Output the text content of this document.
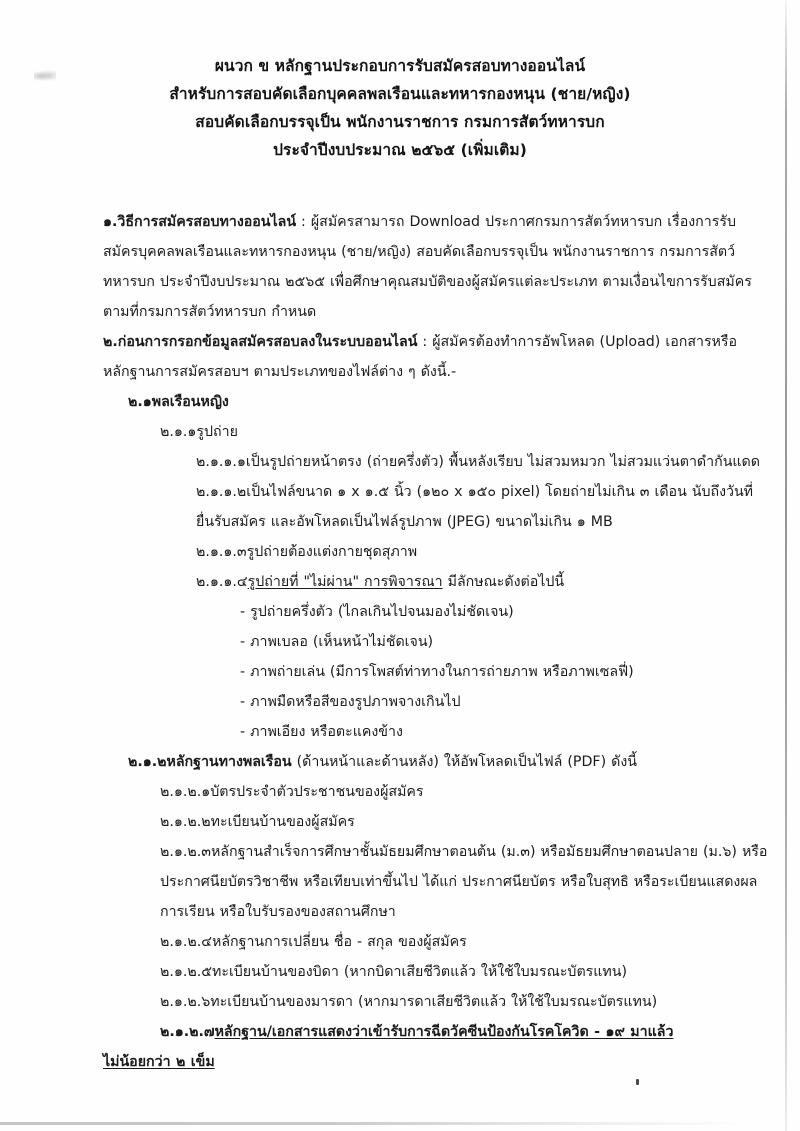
ผนวก ข หลักฐานประกอบการรับสมัครสอบทางออนไลน์
สำหรับการสอบคัดเลือกบุคคลพลเรือนและทหารกองหนุน (ชาย/หญิง)
สอบคัดเลือกบรรจุเป็น พนักงานราชการ กรมการสัตว์ทหารบก
ประจำปีงบประมาณ ๒๕๖๕ (เพิ่มเติม)

๑.วิธีการสมัครสอบทางออนไลน์ : ผู้สมัครสามารถ Download ประกาศกรมการสัตว์ทหารบก เรื่องการรับสมัครบุคคลพลเรือนและทหารกองหนุน (ชาย/หญิง) สอบคัดเลือกบรรจุเป็น พนักงานราชการ กรมการสัตว์ทหารบก ประจำปีงบประมาณ ๒๕๖๕ เพื่อศึกษาคุณสมบัติของผู้สมัครแต่ละประเภท ตามเงื่อนไขการรับสมัครตามที่กรมการสัตว์ทหารบก กำหนด

๒.ก่อนการกรอกข้อมูลสมัครสอบลงในระบบออนไลน์ : ผู้สมัครต้องทำการอัพโหลด (Upload) เอกสารหรือหลักฐานการสมัครสอบฯ ตามประเภทของไฟล์ต่าง ๆ ดังนี้.-

๒.๑พลเรือนหญิง

๒.๑.๑รูปถ่าย

๒.๑.๑.๑เป็นรูปถ่ายหน้าตรง (ถ่ายครึ่งตัว) พื้นหลังเรียบ ไม่สวมหมวก ไม่สวมแว่นตาดำกันแดด

๒.๑.๑.๒เป็นไฟล์ขนาด ๑ x ๑.๕ นิ้ว (๑๒๐ x ๑๕๐ pixel) โดยถ่ายไม่เกิน ๓ เดือน นับถึงวันที่ยื่นรับสมัคร และอัพโหลดเป็นไฟล์รูปภาพ (JPEG) ขนาดไม่เกิน ๑ MB

๒.๑.๑.๓รูปถ่ายต้องแต่งกายชุดสุภาพ

๒.๑.๑.๔รูปถ่ายที่ "ไม่ผ่าน" การพิจารณา มีลักษณะดังต่อไปนี้

- รูปถ่ายครึ่งตัว (ไกลเกินไปจนมองไม่ชัดเจน)

- ภาพเบลอ (เห็นหน้าไม่ชัดเจน)

- ภาพถ่ายเล่น (มีการโพสต์ท่าทางในการถ่ายภาพ หรือภาพเซลฟี่)

- ภาพมืดหรือสีของรูปภาพจางเกินไป

- ภาพเอียง หรือตะแคงข้าง

๒.๑.๒หลักฐานทางพลเรือน (ด้านหน้าและด้านหลัง) ให้อัพโหลดเป็นไฟล์ (PDF) ดังนี้

๒.๑.๒.๑บัตรประจำตัวประชาชนของผู้สมัคร

๒.๑.๒.๒ทะเบียนบ้านของผู้สมัคร

๒.๑.๒.๓หลักฐานสำเร็จการศึกษาชั้นมัธยมศึกษาตอนต้น (ม.๓) หรือมัธยมศึกษาตอนปลาย (ม.๖) หรือประกาศนียบัตรวิชาชีพ หรือเทียบเท่าขึ้นไป ได้แก่ ประกาศนียบัตร หรือใบสุทธิ หรือระเบียนแสดงผลการเรียน หรือใบรับรองของสถานศึกษา

๒.๑.๒.๔หลักฐานการเปลี่ยน ชื่อ - สกุล ของผู้สมัคร

๒.๑.๒.๕ทะเบียนบ้านของบิดา (หากบิดาเสียชีวิตแล้ว ให้ใช้ใบมรณะบัตรแทน)

๒.๑.๒.๖ทะเบียนบ้านของมารดา (หากมารดาเสียชีวิตแล้ว ให้ใช้ใบมรณะบัตรแทน)

๒.๑.๒.๗หลักฐาน/เอกสารแสดงว่าเข้ารับการฉีดวัคซีนป้องกันโรคโควิด - ๑๙ มาแล้ว

ไม่น้อยกว่า ๒ เข็ม
